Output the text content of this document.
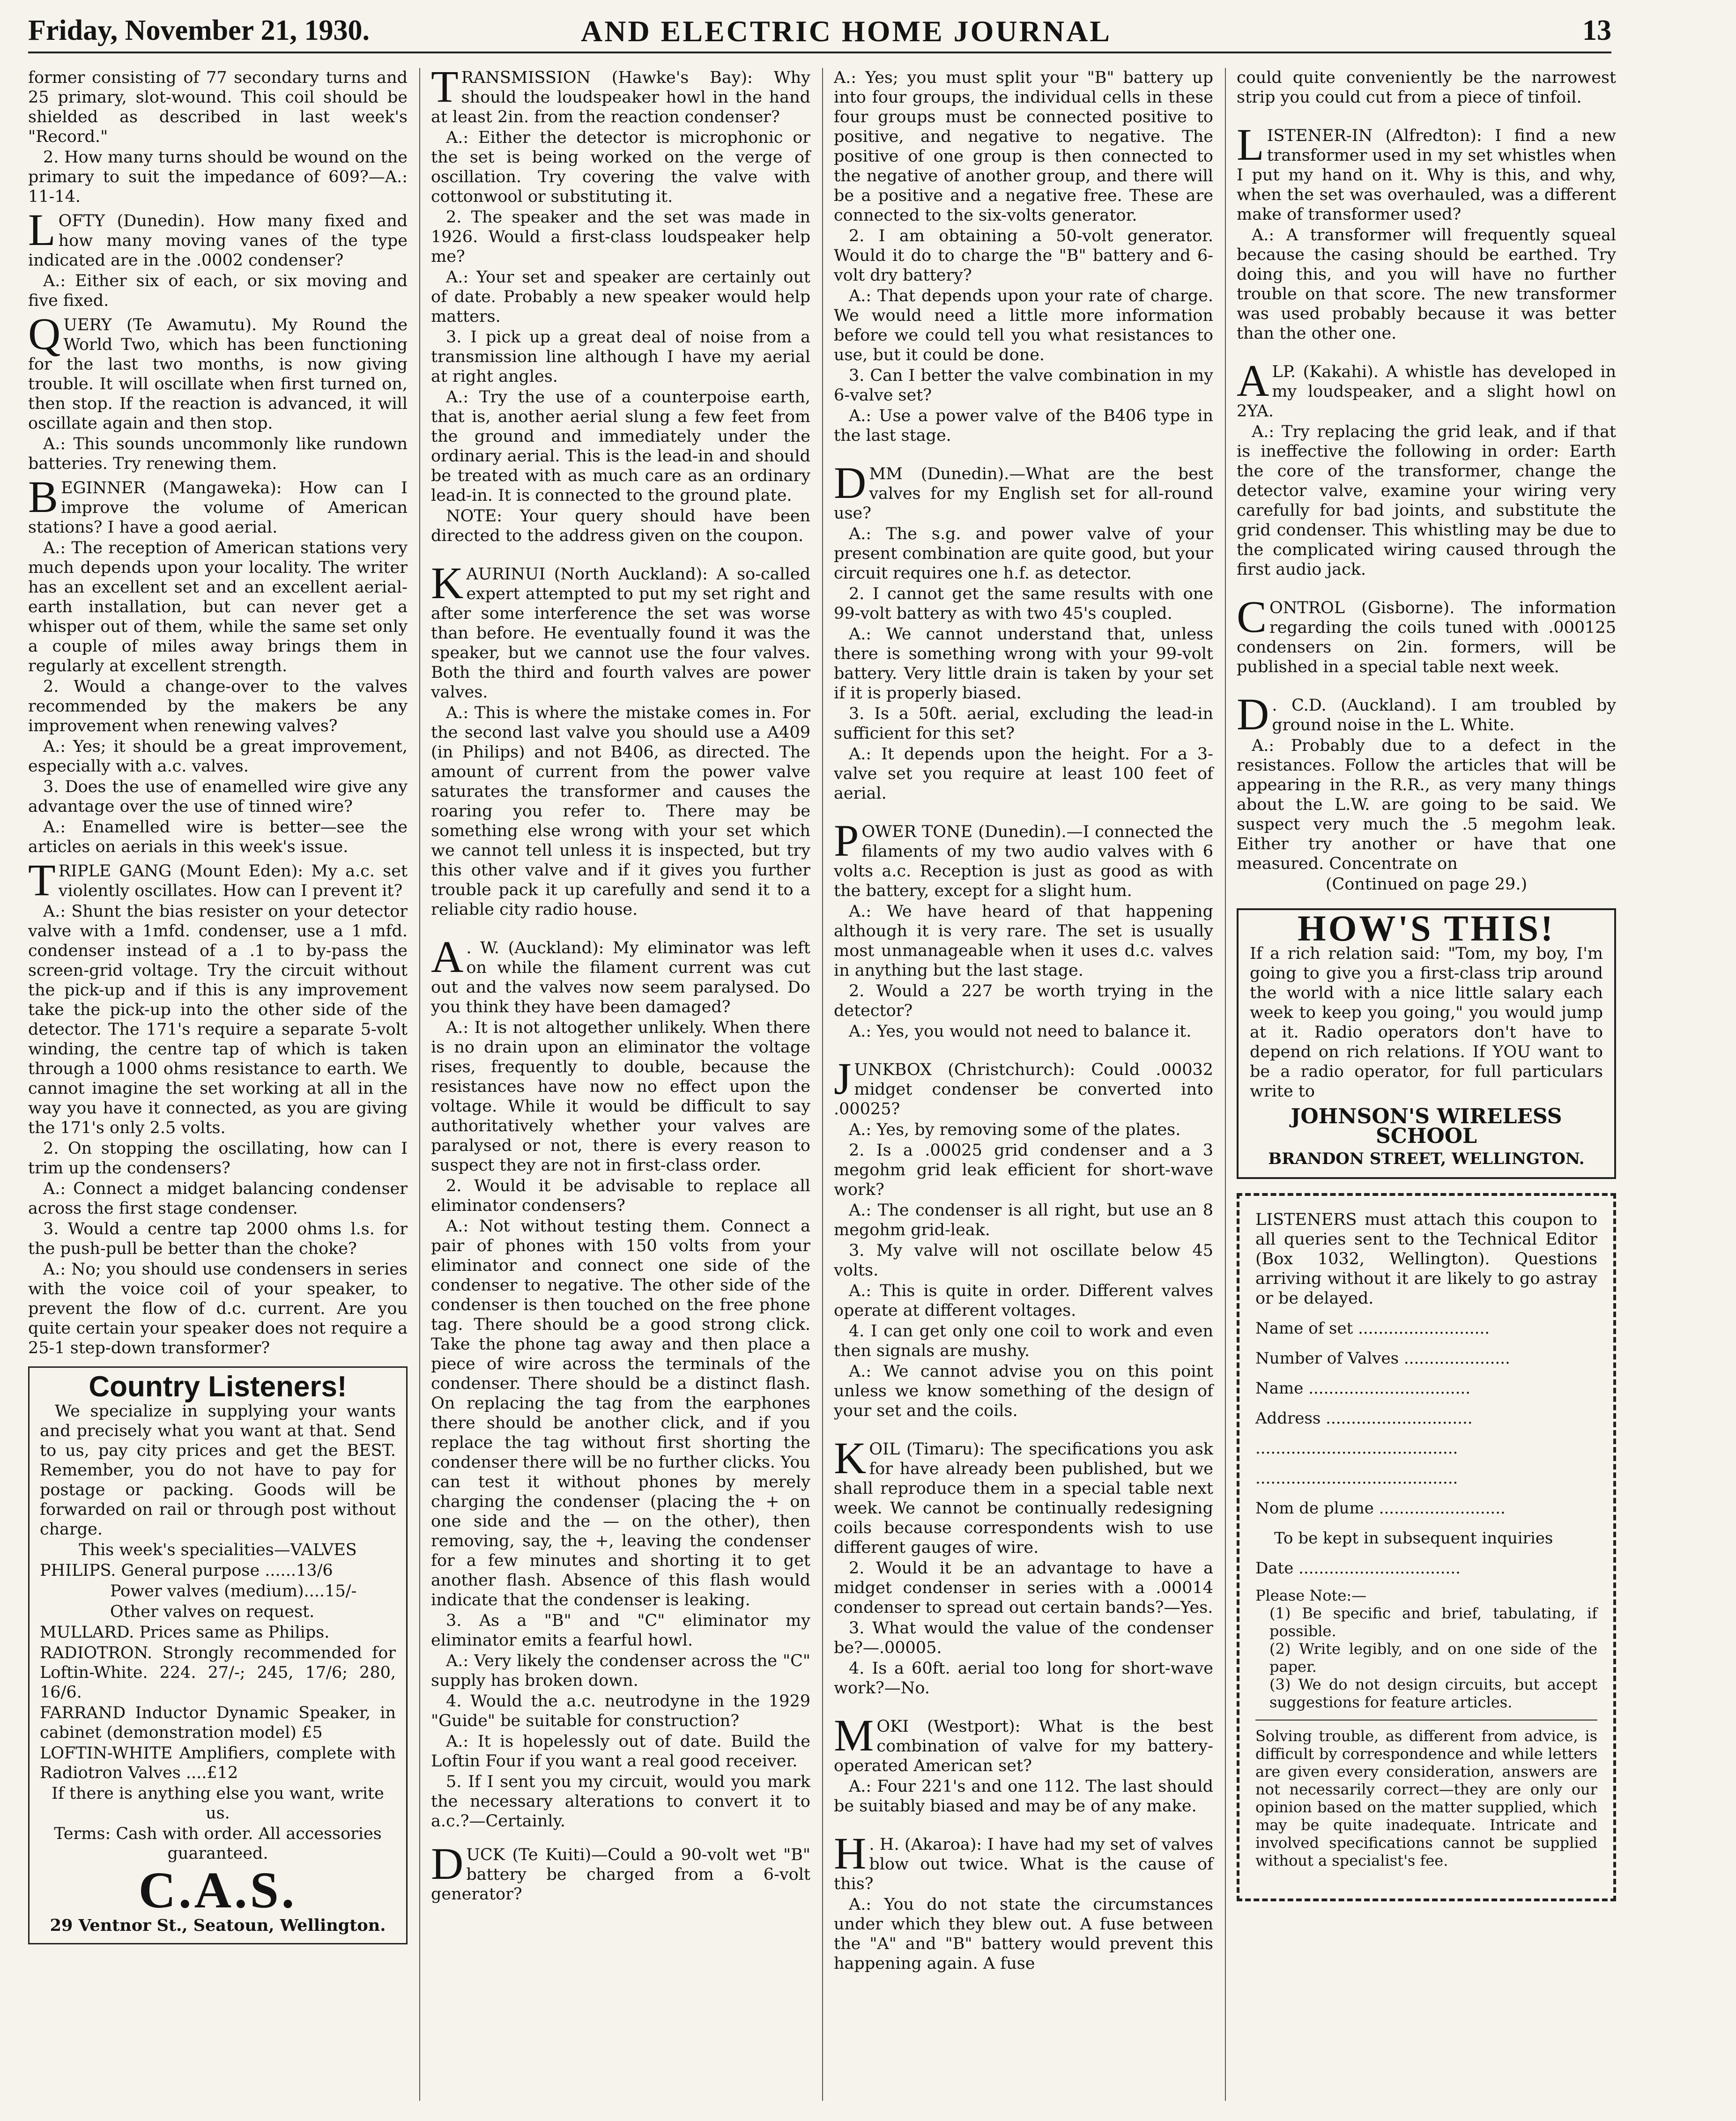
Friday, November 21, 1930.	AND ELECTRIC HOME JOURNAL	13

former consisting of 77 secondary turns and 25 primary, slot-wound. This coil should be shielded as described in last week's "Record."

2. How many turns should be wound on the primary to suit the impedance of 609?—A.: 11-14.

L OFTY (Dunedin). How many fixed and how many moving vanes of the type indicated are in the .0002 condenser?

A.: Either six of each, or six moving and five fixed.

Q UERY (Te Awamutu). My Round the World Two, which has been functioning for the last two months, is now giving trouble. It will oscillate when first turned on, then stop. If the reaction is advanced, it will oscillate again and then stop.

A.: This sounds uncommonly like rundown batteries. Try renewing them.

B EGINNER (Mangaweka): How can I improve the volume of American stations? I have a good aerial.

A.: The reception of American stations very much depends upon your locality. The writer has an excellent set and an excellent aerial-earth installation, but can never get a whisper out of them, while the same set only a couple of miles away brings them in regularly at excellent strength.

2. Would a change-over to the valves recommended by the makers be any improvement when renewing valves?

A.: Yes; it should be a great improvement, especially with a.c. valves.

3. Does the use of enamelled wire give any advantage over the use of tinned wire?

A.: Enamelled wire is better—see the articles on aerials in this week's issue.

T RIPLE GANG (Mount Eden): My a.c. set violently oscillates. How can I prevent it?

A.: Shunt the bias resister on your detector valve with a 1mfd. condenser, use a 1 mfd. condenser instead of a .1 to by-pass the screen-grid voltage. Try the circuit without the pick-up and if this is any improvement take the pick-up into the other side of the detector. The 171's require a separate 5-volt winding, the centre tap of which is taken through a 1000 ohms resistance to earth. We cannot imagine the set working at all in the way you have it connected, as you are giving the 171's only 2.5 volts.

2. On stopping the oscillating, how can I trim up the condensers?

A.: Connect a midget balancing condenser across the first stage condenser.

3. Would a centre tap 2000 ohms l.s. for the push-pull be better than the choke?

A.: No; you should use condensers in series with the voice coil of your speaker, to prevent the flow of d.c. current. Are you quite certain your speaker does not require a 25-1 step-down transformer?

Country Listeners!

We specialize in supplying your wants and precisely what you want at that. Send to us, pay city prices and get the BEST. Remember, you do not have to pay for postage or packing. Goods will be forwarded on rail or through post without charge.

This week's specialities—VALVES

PHILIPS. General purpose ......13/6

Power valves (medium)....15/-

Other valves on request.

MULLARD. Prices same as Philips.

RADIOTRON. Strongly recommended for Loftin-White. 224. 27/-; 245, 17/6; 280, 16/6.

FARRAND Inductor Dynamic Speaker, in cabinet (demonstration model) £5

LOFTIN-WHITE Amplifiers, complete with Radiotron Valves ....£12

If there is anything else you want, write us.

Terms: Cash with order. All accessories guaranteed.

C.A.S.

29 Ventnor St., Seatoun, Wellington.

T RANSMISSION (Hawke's Bay): Why should the loudspeaker howl in the hand at least 2in. from the reaction condenser?

A.: Either the detector is microphonic or the set is being worked on the verge of oscillation. Try covering the valve with cottonwool or substituting it.

2. The speaker and the set was made in 1926. Would a first-class loudspeaker help me?

A.: Your set and speaker are certainly out of date. Probably a new speaker would help matters.

3. I pick up a great deal of noise from a transmission line although I have my aerial at right angles.

A.: Try the use of a counterpoise earth, that is, another aerial slung a few feet from the ground and immediately under the ordinary aerial. This is the lead-in and should be treated with as much care as an ordinary lead-in. It is connected to the ground plate.

NOTE: Your query should have been directed to the address given on the coupon.

K AURINUI (North Auckland): A so-called expert attempted to put my set right and after some interference the set was worse than before. He eventually found it was the speaker, but we cannot use the four valves. Both the third and fourth valves are power valves.

A.: This is where the mistake comes in. For the second last valve you should use a A409 (in Philips) and not B406, as directed. The amount of current from the power valve saturates the transformer and causes the roaring you refer to. There may be something else wrong with your set which we cannot tell unless it is inspected, but try this other valve and if it gives you further trouble pack it up carefully and send it to a reliable city radio house.

A . W. (Auckland): My eliminator was left on while the filament current was cut out and the valves now seem paralysed. Do you think they have been damaged?

A.: It is not altogether unlikely. When there is no drain upon an eliminator the voltage rises, frequently to double, because the resistances have now no effect upon the voltage. While it would be difficult to say authoritatively whether your valves are paralysed or not, there is every reason to suspect they are not in first-class order.

2. Would it be advisable to replace all eliminator condensers?

A.: Not without testing them. Connect a pair of phones with 150 volts from your eliminator and connect one side of the condenser to negative. The other side of the condenser is then touched on the free phone tag. There should be a good strong click. Take the phone tag away and then place a piece of wire across the terminals of the condenser. There should be a distinct flash. On replacing the tag from the earphones there should be another click, and if you replace the tag without first shorting the condenser there will be no further clicks. You can test it without phones by merely charging the condenser (placing the + on one side and the — on the other), then removing, say, the +, leaving the condenser for a few minutes and shorting it to get another flash. Absence of this flash would indicate that the condenser is leaking.

3. As a "B" and "C" eliminator my eliminator emits a fearful howl.

A.: Very likely the condenser across the "C" supply has broken down.

4. Would the a.c. neutrodyne in the 1929 "Guide" be suitable for construction?

A.: It is hopelessly out of date. Build the Loftin Four if you want a real good receiver.

5. If I sent you my circuit, would you mark the necessary alterations to convert it to a.c.?—Certainly.

D UCK (Te Kuiti)—Could a 90-volt wet "B" battery be charged from a 6-volt generator?

A.: Yes; you must split your "B" battery up into four groups, the individual cells in these four groups must be connected positive to positive, and negative to negative. The positive of one group is then connected to the negative of another group, and there will be a positive and a negative free. These are connected to the six-volts generator.

2. I am obtaining a 50-volt generator. Would it do to charge the "B" battery and 6-volt dry battery?

A.: That depends upon your rate of charge. We would need a little more information before we could tell you what resistances to use, but it could be done.

3. Can I better the valve combination in my 6-valve set?

A.: Use a power valve of the B406 type in the last stage.

D MM (Dunedin).—What are the best valves for my English set for all-round use?

A.: The s.g. and power valve of your present combination are quite good, but your circuit requires one h.f. as detector.

2. I cannot get the same results with one 99-volt battery as with two 45's coupled.

A.: We cannot understand that, unless there is something wrong with your 99-volt battery. Very little drain is taken by your set if it is properly biased.

3. Is a 50ft. aerial, excluding the lead-in sufficient for this set?

A.: It depends upon the height. For a 3-valve set you require at least 100 feet of aerial.

P OWER TONE (Dunedin).—I connected the filaments of my two audio valves with 6 volts a.c. Reception is just as good as with the battery, except for a slight hum.

A.: We have heard of that happening although it is very rare. The set is usually most unmanageable when it uses d.c. valves in anything but the last stage.

2. Would a 227 be worth trying in the detector?

A.: Yes, you would not need to balance it.

J UNKBOX (Christchurch): Could .00032 midget condenser be converted into .00025?

A.: Yes, by removing some of the plates.

2. Is a .00025 grid condenser and a 3 megohm grid leak efficient for short-wave work?

A.: The condenser is all right, but use an 8 megohm grid-leak.

3. My valve will not oscillate below 45 volts.

A.: This is quite in order. Different valves operate at different voltages.

4. I can get only one coil to work and even then signals are mushy.

A.: We cannot advise you on this point unless we know something of the design of your set and the coils.

K OIL (Timaru): The specifications you ask for have already been published, but we shall reproduce them in a special table next week. We cannot be continually redesigning coils because correspondents wish to use different gauges of wire.

2. Would it be an advantage to have a midget condenser in series with a .00014 condenser to spread out certain bands?—Yes.

3. What would the value of the condenser be?—.00005.

4. Is a 60ft. aerial too long for short-wave work?—No.

M OKI (Westport): What is the best combination of valve for my battery-operated American set?

A.: Four 221's and one 112. The last should be suitably biased and may be of any make.

H . H. (Akaroa): I have had my set of valves blow out twice. What is the cause of this?

A.: You do not state the circumstances under which they blew out. A fuse between the "A" and "B" battery would prevent this happening again. A fuse

could quite conveniently be the narrowest strip you could cut from a piece of tinfoil.

L ISTENER-IN (Alfredton): I find a new transformer used in my set whistles when I put my hand on it. Why is this, and why, when the set was overhauled, was a different make of transformer used?

A.: A transformer will frequently squeal because the casing should be earthed. Try doing this, and you will have no further trouble on that score. The new transformer was used probably because it was better than the other one.

A LP. (Kakahi). A whistle has developed in my loudspeaker, and a slight howl on 2YA.

A.: Try replacing the grid leak, and if that is ineffective the following in order: Earth the core of the transformer, change the detector valve, examine your wiring very carefully for bad joints, and substitute the grid condenser. This whistling may be due to the complicated wiring caused through the first audio jack.

C ONTROL (Gisborne). The information regarding the coils tuned with .000125 condensers on 2in. formers, will be published in a special table next week.

D . C.D. (Auckland). I am troubled by ground noise in the L. White.

A.: Probably due to a defect in the resistances. Follow the articles that will be appearing in the R.R., as very many things about the L.W. are going to be said. We suspect very much the .5 megohm leak. Either try another or have that one measured. Concentrate on

(Continued on page 29.)

HOW'S THIS!

If a rich relation said: "Tom, my boy, I'm going to give you a first-class trip around the world with a nice little salary each week to keep you going," you would jump at it. Radio operators don't have to depend on rich relations. If YOU want to be a radio operator, for full particulars write to

JOHNSON'S WIRELESS SCHOOL
BRANDON STREET, WELLINGTON.

LISTENERS must attach this coupon to all queries sent to the Technical Editor (Box 1032, Wellington). Questions arriving without it are likely to go astray or be delayed.

Name of set ..........................
Number of Valves .....................
Name ................................
Address .............................
........................................
........................................
Nom de plume .........................
To be kept in subsequent inquiries
Date ................................
Please Note:—
(1) Be specific and brief, tabulating, if possible.
(2) Write legibly, and on one side of the paper.
(3) We do not design circuits, but accept suggestions for feature articles.

Solving trouble, as different from advice, is difficult by correspondence and while letters are given every consideration, answers are not necessarily correct—they are only our opinion based on the matter supplied, which may be quite inadequate. Intricate and involved specifications cannot be supplied without a specialist's fee.
